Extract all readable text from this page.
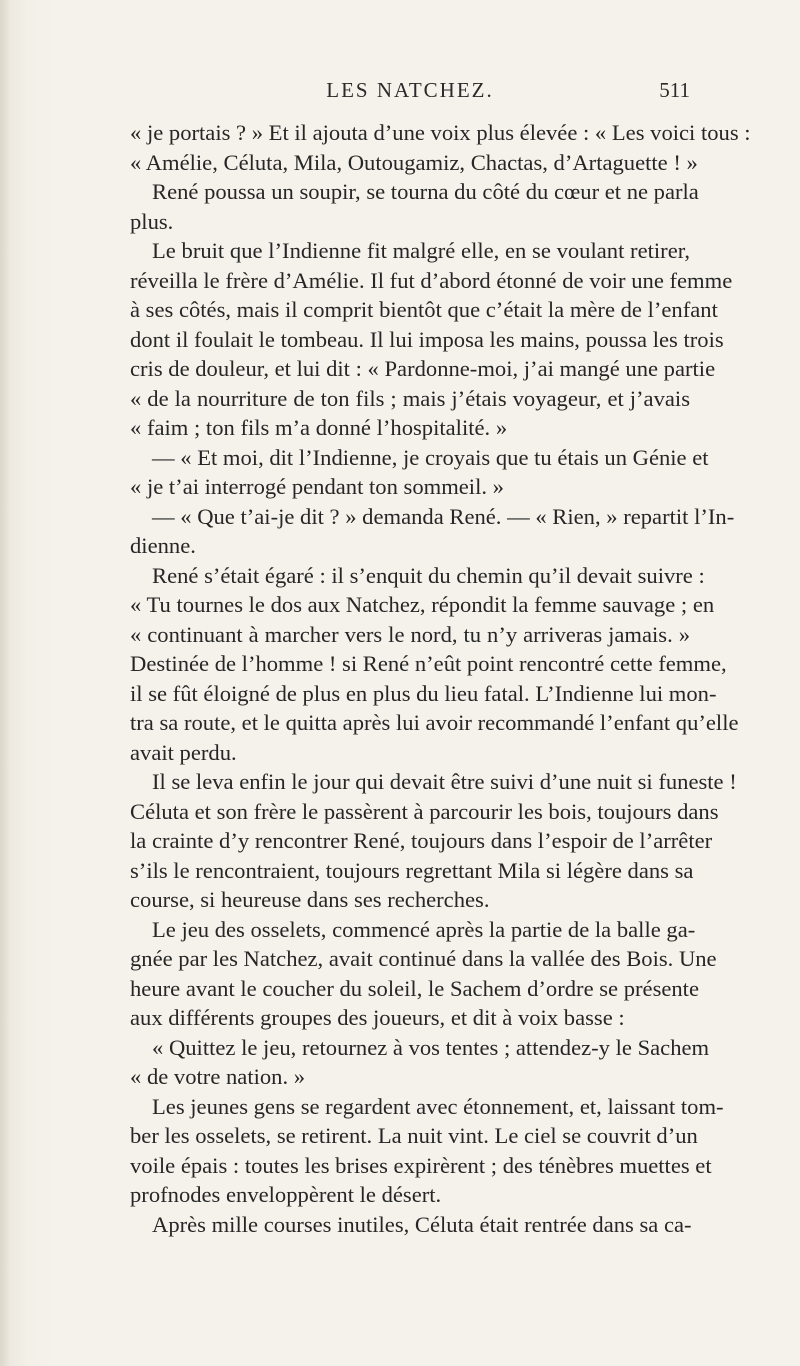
LES NATCHEZ.	511
« je portais ? » Et il ajouta d’une voix plus élevée : « Les voici tous :
« Amélie, Céluta, Mila, Outougamiz, Chactas, d’Artaguette ! »
René poussa un soupir, se tourna du côté du cœur et ne parla
plus.
Le bruit que l’Indienne fit malgré elle, en se voulant retirer,
réveilla le frère d’Amélie. Il fut d’abord étonné de voir une femme
à ses côtés, mais il comprit bientôt que c’était la mère de l’enfant
dont il foulait le tombeau. Il lui imposa les mains, poussa les trois
cris de douleur, et lui dit : « Pardonne-moi, j’ai mangé une partie
« de la nourriture de ton fils ; mais j’étais voyageur, et j’avais
« faim ; ton fils m’a donné l’hospitalité. »
— « Et moi, dit l’Indienne, je croyais que tu étais un Génie et
« je t’ai interrogé pendant ton sommeil. »
— « Que t’ai-je dit ? » demanda René. — « Rien, » repartit l’In-
dienne.
René s’était égaré : il s’enquit du chemin qu’il devait suivre :
« Tu tournes le dos aux Natchez, répondit la femme sauvage ; en
« continuant à marcher vers le nord, tu n’y arriveras jamais. »
Destinée de l’homme ! si René n’eût point rencontré cette femme,
il se fût éloigné de plus en plus du lieu fatal. L’Indienne lui mon-
tra sa route, et le quitta après lui avoir recommandé l’enfant qu’elle
avait perdu.
Il se leva enfin le jour qui devait être suivi d’une nuit si funeste !
Céluta et son frère le passèrent à parcourir les bois, toujours dans
la crainte d’y rencontrer René, toujours dans l’espoir de l’arrêter
s’ils le rencontraient, toujours regrettant Mila si légère dans sa
course, si heureuse dans ses recherches.
Le jeu des osselets, commencé après la partie de la balle ga-
gnée par les Natchez, avait continué dans la vallée des Bois. Une
heure avant le coucher du soleil, le Sachem d’ordre se présente
aux différents groupes des joueurs, et dit à voix basse :
« Quittez le jeu, retournez à vos tentes ; attendez-y le Sachem
« de votre nation. »
Les jeunes gens se regardent avec étonnement, et, laissant tom-
ber les osselets, se retirent. La nuit vint. Le ciel se couvrit d’un
voile épais : toutes les brises expirèrent ; des ténèbres muettes et
profnodes enveloppèrent le désert.
Après mille courses inutiles, Céluta était rentrée dans sa ca-
